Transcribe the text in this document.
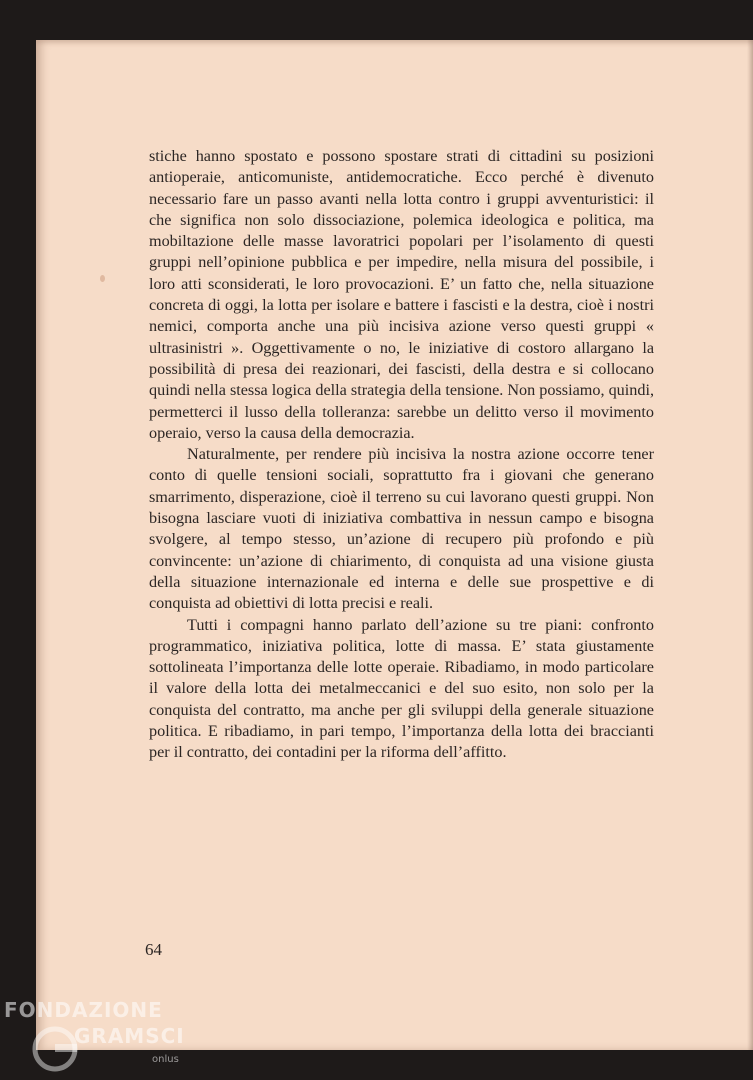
stiche hanno spostato e possono spostare strati di cittadini su posizioni antioperaie, anticomuniste, antidemocratiche. Ecco perché è divenuto necessario fare un passo avanti nella lotta contro i gruppi avventuristici: il che significa non solo dissociazione, polemica ideologica e politica, ma mobiltazione delle masse lavoratrici popolari per l’isolamento di questi gruppi nell’opinione pubblica e per impedire, nella misura del possibile, i loro atti sconsiderati, le loro provocazioni. E’ un fatto che, nella situazione concreta di oggi, la lotta per isolare e battere i fascisti e la destra, cioè i nostri nemici, comporta anche una più incisiva azione verso questi gruppi « ultrasinistri ». Oggettivamente o no, le iniziative di costoro allargano la possibilità di presa dei reazionari, dei fascisti, della destra e si collocano quindi nella stessa logica della strategia della tensione. Non possiamo, quindi, permetterci il lusso della tolleranza: sarebbe un delitto verso il movimento operaio, verso la causa della democrazia.

Naturalmente, per rendere più incisiva la nostra azione occorre tener conto di quelle tensioni sociali, soprattutto fra i giovani che generano smarrimento, disperazione, cioè il terreno su cui lavorano questi gruppi. Non bisogna lasciare vuoti di iniziativa combattiva in nessun campo e bisogna svolgere, al tempo stesso, un’azione di recupero più profondo e più convincente: un’azione di chiarimento, di conquista ad una visione giusta della situazione internazionale ed interna e delle sue prospettive e di conquista ad obiettivi di lotta precisi e reali.

Tutti i compagni hanno parlato dell’azione su tre piani: confronto programmatico, iniziativa politica, lotte di massa. E’ stata giustamente sottolineata l’importanza delle lotte operaie. Ribadiamo, in modo particolare il valore della lotta dei metalmeccanici e del suo esito, non solo per la conquista del contratto, ma anche per gli sviluppi della generale situazione politica. E ribadiamo, in pari tempo, l’importanza della lotta dei braccianti per il contratto, dei contadini per la riforma dell’affitto.

64
FONDAZIONE
GRAMSCI
onlus
